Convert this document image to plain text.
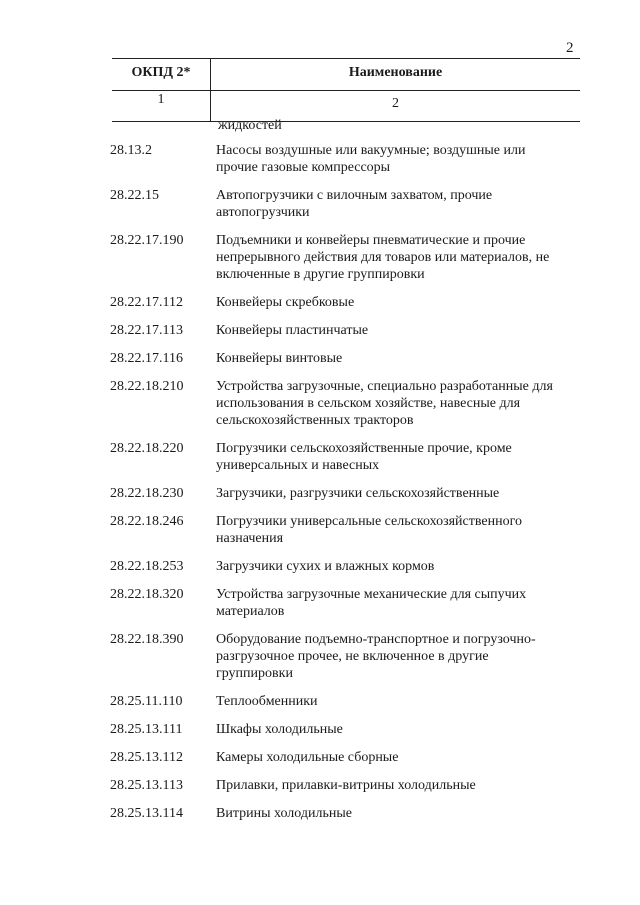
2
ОКПД 2*	Наименование
1	2
жидкостей
28.13.2	Насосы воздушные или вакуумные; воздушные или прочие газовые компрессоры
28.22.15	Автопогрузчики с вилочным захватом, прочие автопогрузчики
28.22.17.190	Подъемники и конвейеры пневматические и прочие непрерывного действия для товаров или материалов, не включенные в другие группировки
28.22.17.112	Конвейеры скребковые
28.22.17.113	Конвейеры пластинчатые
28.22.17.116	Конвейеры винтовые
28.22.18.210	Устройства загрузочные, специально разработанные для использования в сельском хозяйстве, навесные для сельскохозяйственных тракторов
28.22.18.220	Погрузчики сельскохозяйственные прочие, кроме универсальных и навесных
28.22.18.230	Загрузчики, разгрузчики сельскохозяйственные
28.22.18.246	Погрузчики универсальные сельскохозяйственного назначения
28.22.18.253	Загрузчики сухих и влажных кормов
28.22.18.320	Устройства загрузочные механические для сыпучих материалов
28.22.18.390	Оборудование подъемно-транспортное и погрузочно-разгрузочное прочее, не включенное в другие группировки
28.25.11.110	Теплообменники
28.25.13.111	Шкафы холодильные
28.25.13.112	Камеры холодильные сборные
28.25.13.113	Прилавки, прилавки-витрины холодильные
28.25.13.114	Витрины холодильные
